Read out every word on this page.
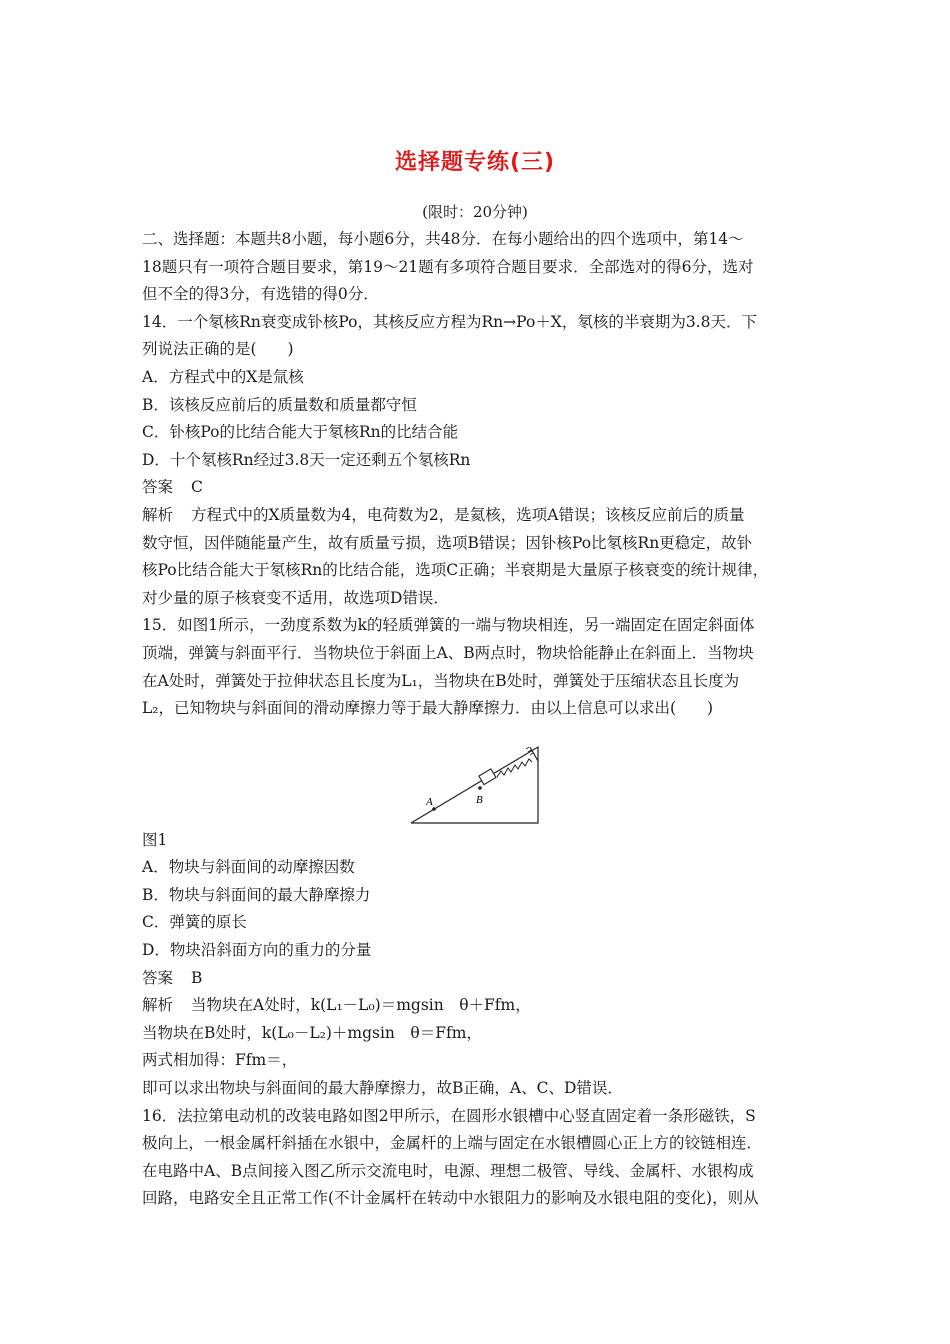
选择题专练(三)
(限时：20分钟)

二、选择题：本题共8小题，每小题6分，共48分．在每小题给出的四个选项中，第14～

18题只有一项符合题目要求，第19～21题有多项符合题目要求．全部选对的得6分，选对

但不全的得3分，有选错的得0分．

14．一个氡核Rn衰变成钋核Po，其核反应方程为Rn→Po＋X，氡核的半衰期为3.8天．下

列说法正确的是(　　)

A．方程式中的X是氚核

B．该核反应前后的质量数和质量都守恒

C．钋核Po的比结合能大于氡核Rn的比结合能

D．十个氡核Rn经过3.8天一定还剩五个氡核Rn

答案 C

解析 方程式中的X质量数为4，电荷数为2，是氦核，选项A错误；该核反应前后的质量

数守恒，因伴随能量产生，故有质量亏损，选项B错误；因钋核Po比氡核Rn更稳定，故钋

核Po比结合能大于氡核Rn的比结合能，选项C正确；半衰期是大量原子核衰变的统计规律，

对少量的原子核衰变不适用，故选项D错误．

15．如图1所示，一劲度系数为k的轻质弹簧的一端与物块相连，另一端固定在固定斜面体

顶端，弹簧与斜面平行．当物块位于斜面上A、B两点时，物块恰能静止在斜面上．当物块

在A处时，弹簧处于拉伸状态且长度为L₁，当物块在B处时，弹簧处于压缩状态且长度为

L₂，已知物块与斜面间的滑动摩擦力等于最大静摩擦力．由以上信息可以求出(　　)

A	B

图1

A．物块与斜面间的动摩擦因数

B．物块与斜面间的最大静摩擦力

C．弹簧的原长

D．物块沿斜面方向的重力的分量

答案 B

解析 当物块在A处时，k(L₁－L₀)＝mgsin　θ＋Ffm，

当物块在B处时，k(L₀－L₂)＋mgsin　θ＝Ffm，

两式相加得：Ffm＝，

即可以求出物块与斜面间的最大静摩擦力，故B正确，A、C、D错误．

16．法拉第电动机的改装电路如图2甲所示，在圆形水银槽中心竖直固定着一条形磁铁，S

极向上，一根金属杆斜插在水银中，金属杆的上端与固定在水银槽圆心正上方的铰链相连．

在电路中A、B点间接入图乙所示交流电时，电源、理想二极管、导线、金属杆、水银构成

回路，电路安全且正常工作(不计金属杆在转动中水银阻力的影响及水银电阻的变化)，则从
